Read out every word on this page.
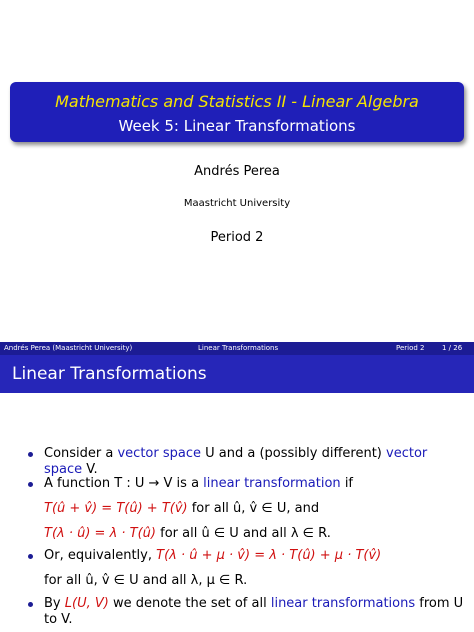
Mathematics and Statistics II - Linear Algebra
Week 5: Linear Transformations
Andrés Perea
Maastricht University
Period 2
Andrés Perea (Maastricht University)	Linear Transformations	Period 2 1 / 26
Linear Transformations
Consider a vector space U and a (possibly different) vector space V.
A function T : U → V is a linear transformation if
T(û + v̂) = T(û) + T(v̂) for all û, v̂ ∈ U, and
T(λ · û) = λ · T(û) for all û ∈ U and all λ ∈ R.
Or, equivalently, T(λ · û + μ · v̂) = λ · T(û) + μ · T(v̂)
for all û, v̂ ∈ U and all λ, μ ∈ R.
By L(U, V) we denote the set of all linear transformations from U to V.
